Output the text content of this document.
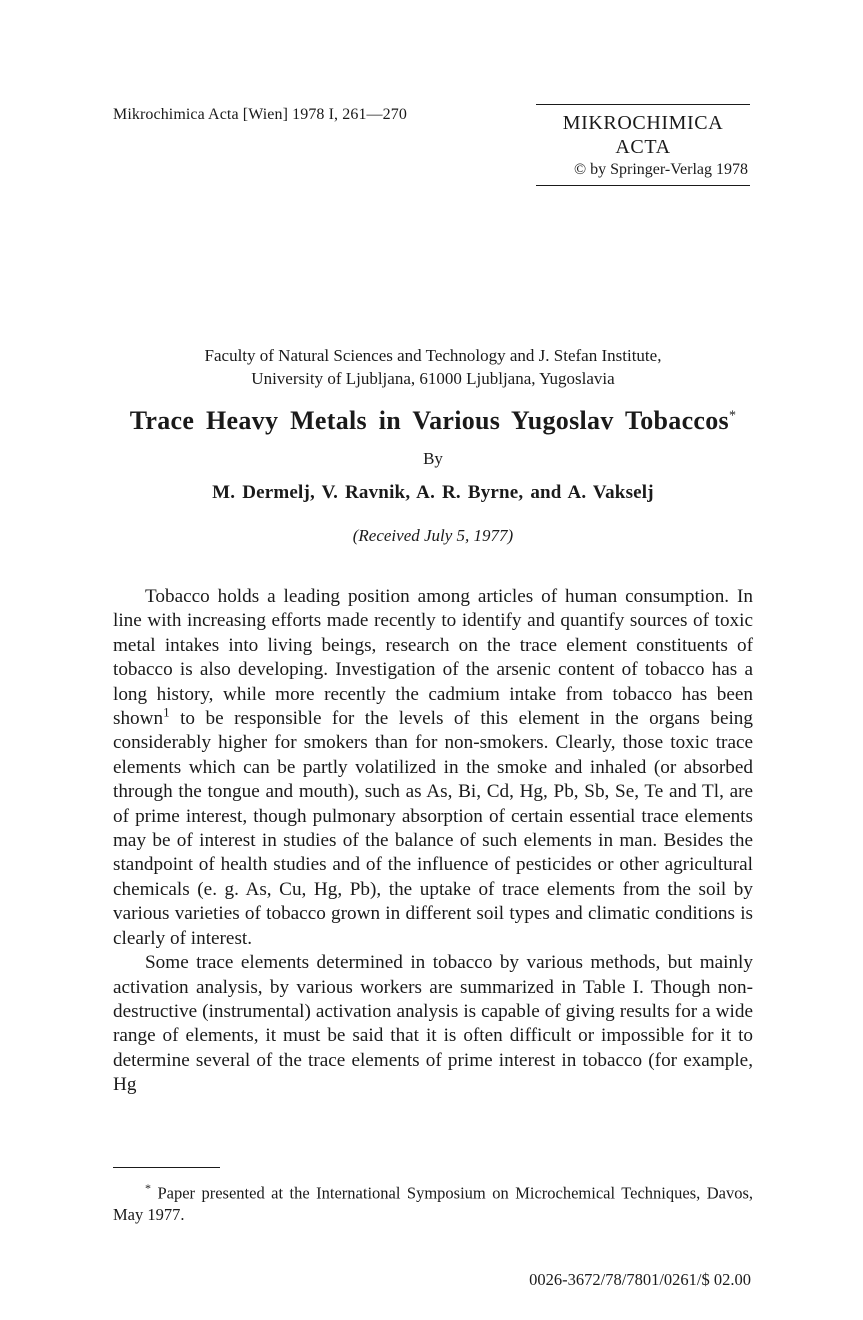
Mikrochimica Acta [Wien] 1978 I, 261—270	MIKROCHIMICA
ACTA
© by Springer-Verlag 1978
Faculty of Natural Sciences and Technology and J. Stefan Institute,
University of Ljubljana, 61000 Ljubljana, Yugoslavia
Trace Heavy Metals in Various Yugoslav Tobaccos*
By
M. Dermelj, V. Ravnik, A. R. Byrne, and A. Vakselj
(Received July 5, 1977)

Tobacco holds a leading position among articles of human consumption. In line with increasing efforts made recently to identify and quantify sources of toxic metal intakes into living beings, research on the trace element constituents of tobacco is also developing. Investigation of the arsenic content of tobacco has a long history, while more recently the cadmium intake from tobacco has been shown$^1$ to be responsible for the levels of this element in the organs being considerably higher for smokers than for non-smokers. Clearly, those toxic trace elements which can be partly volatilized in the smoke and inhaled (or absorbed through the tongue and mouth), such as As, Bi, Cd, Hg, Pb, Sb, Se, Te and Tl, are of prime interest, though pulmonary absorption of certain essential trace elements may be of interest in studies of the balance of such elements in man. Besides the standpoint of health studies and of the influence of pesticides or other agricultural chemicals (e. g. As, Cu, Hg, Pb), the uptake of trace elements from the soil by various varieties of tobacco grown in different soil types and climatic conditions is clearly of interest.

Some trace elements determined in tobacco by various methods, but mainly activation analysis, by various workers are summarized in Table I. Though non-destructive (instrumental) activation analysis is capable of giving results for a wide range of elements, it must be said that it is often difficult or impossible for it to determine several of the trace elements of prime interest in tobacco (for example, Hg

* Paper presented at the International Symposium on Microchemical Techniques, Davos, May 1977.
0026-3672/78/7801/0261/$ 02.00
